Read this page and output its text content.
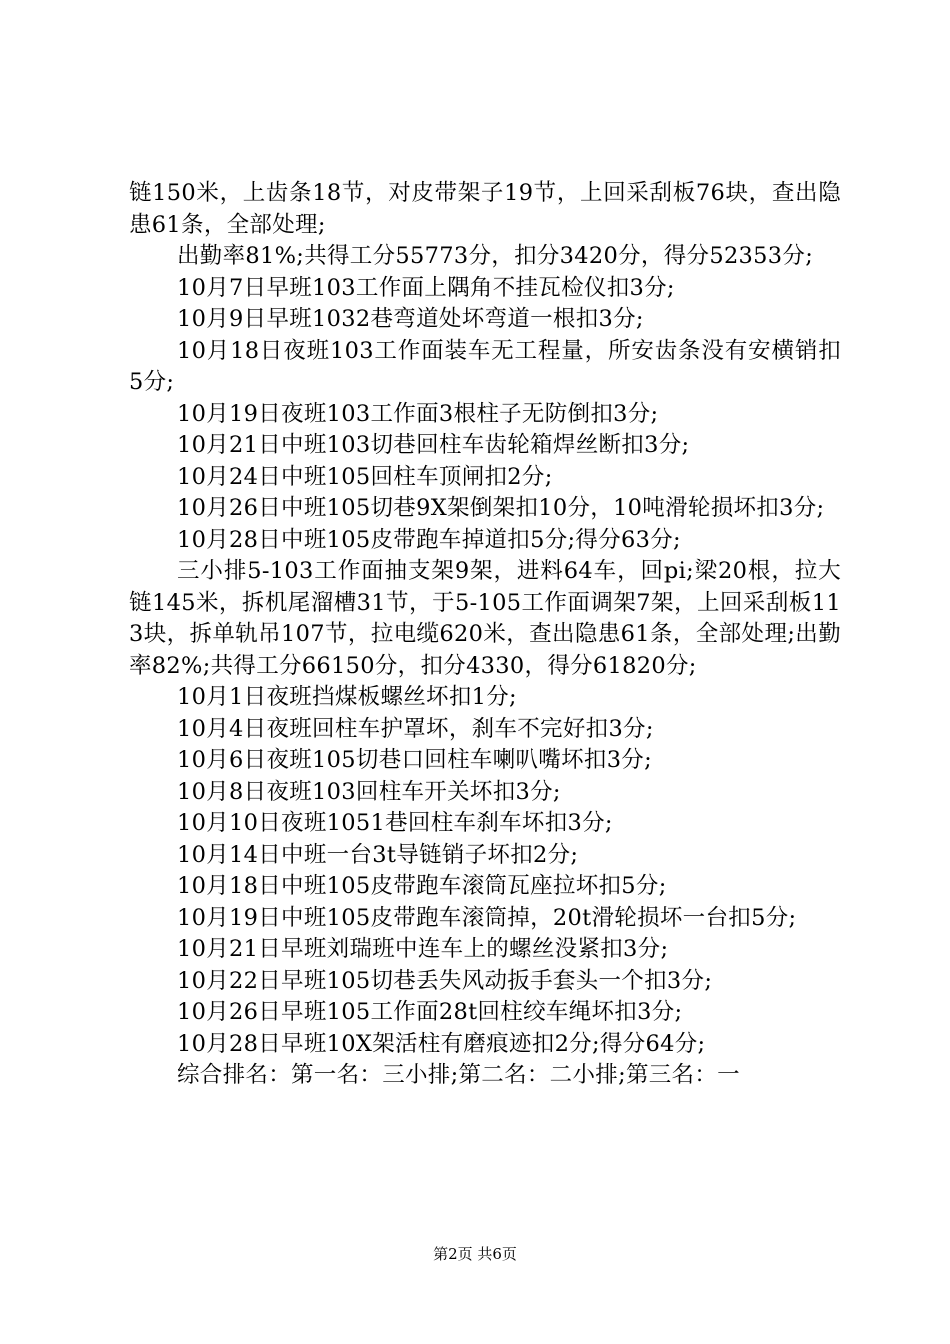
链150米，上齿条18节，对皮带架子19节，上回采刮板76块，查出隐患61条，全部处理;

出勤率81%;共得工分55773分，扣分3420分，得分52353分;

10月7日早班103工作面上隅角不挂瓦检仪扣3分;

10月9日早班1032巷弯道处坏弯道一根扣3分;

10月18日夜班103工作面装车无工程量，所安齿条没有安横销扣5分;

10月19日夜班103工作面3根柱子无防倒扣3分;

10月21日中班103切巷回柱车齿轮箱焊丝断扣3分;

10月24日中班105回柱车顶闸扣2分;

10月26日中班105切巷9X架倒架扣10分，10吨滑轮损坏扣3分;

10月28日中班105皮带跑车掉道扣5分;得分63分;

三小排5-103工作面抽支架9架，进料64车，回pi;梁20根，拉大链145米，拆机尾溜槽31节，于5-105工作面调架7架，上回采刮板113块，拆单轨吊107节，拉电缆620米，查出隐患61条，全部处理;出勤率82%;共得工分66150分，扣分4330，得分61820分;

10月1日夜班挡煤板螺丝坏扣1分;

10月4日夜班回柱车护罩坏，刹车不完好扣3分;

10月6日夜班105切巷口回柱车喇叭嘴坏扣3分;

10月8日夜班103回柱车开关坏扣3分;

10月10日夜班1051巷回柱车刹车坏扣3分;

10月14日中班一台3t导链销子坏扣2分;

10月18日中班105皮带跑车滚筒瓦座拉坏扣5分;

10月19日中班105皮带跑车滚筒掉，20t滑轮损坏一台扣5分;

10月21日早班刘瑞班中连车上的螺丝没紧扣3分;

10月22日早班105切巷丢失风动扳手套头一个扣3分;

10月26日早班105工作面28t回柱绞车绳坏扣3分;

10月28日早班10X架活柱有磨痕迹扣2分;得分64分;

综合排名：第一名：三小排;第二名：二小排;第三名：一

第2页 共6页
